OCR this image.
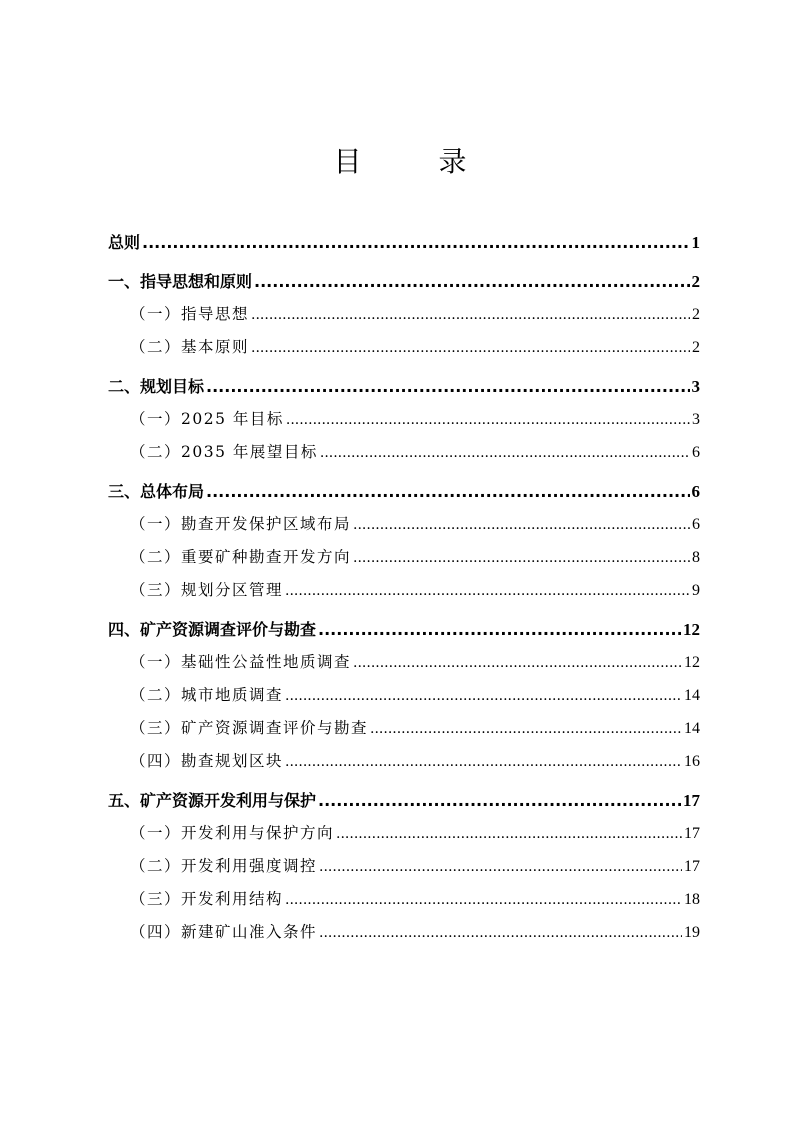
目 录
总则 .....	1
一、指导思想和原则 .....	2
（一）指导思想 .....	2
（二）基本原则 .....	2
二、规划目标 .....	3
（一）2025 年目标 .....	3
（二）2035 年展望目标 .....	6
三、总体布局 .....	6
（一）勘查开发保护区域布局 .....	6
（二）重要矿种勘查开发方向 .....	8
（三）规划分区管理 .....	9
四、矿产资源调查评价与勘查 .....	12
（一）基础性公益性地质调查 .....	12
（二）城市地质调查 .....	14
（三）矿产资源调查评价与勘查 .....	14
（四）勘查规划区块 .....	16
五、矿产资源开发利用与保护 .....	17
（一）开发利用与保护方向 .....	17
（二）开发利用强度调控 .....	17
（三）开发利用结构 .....	18
（四）新建矿山准入条件 .....	19
